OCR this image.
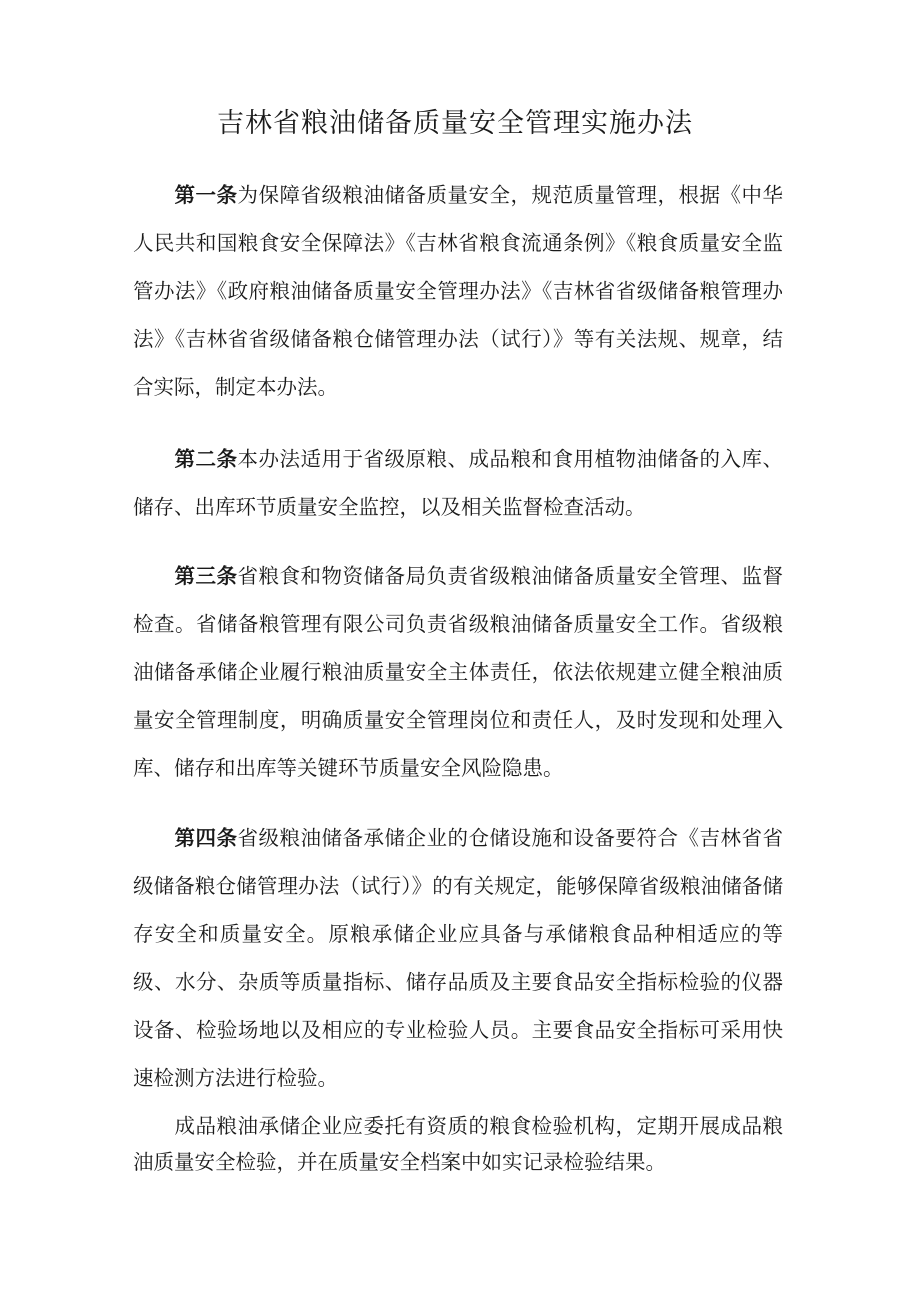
吉林省粮油储备质量安全管理实施办法

第一条为保障省级粮油储备质量安全，规范质量管理，根据《中华人民共和国粮食安全保障法》《吉林省粮食流通条例》《粮食质量安全监管办法》《政府粮油储备质量安全管理办法》《吉林省省级储备粮管理办法》《吉林省省级储备粮仓储管理办法（试行）》等有关法规、规章，结合实际，制定本办法。

第二条本办法适用于省级原粮、成品粮和食用植物油储备的入库、储存、出库环节质量安全监控，以及相关监督检查活动。

第三条省粮食和物资储备局负责省级粮油储备质量安全管理、监督检查。省储备粮管理有限公司负责省级粮油储备质量安全工作。省级粮油储备承储企业履行粮油质量安全主体责任，依法依规建立健全粮油质量安全管理制度，明确质量安全管理岗位和责任人，及时发现和处理入库、储存和出库等关键环节质量安全风险隐患。

第四条省级粮油储备承储企业的仓储设施和设备要符合《吉林省省级储备粮仓储管理办法（试行）》的有关规定，能够保障省级粮油储备储存安全和质量安全。原粮承储企业应具备与承储粮食品种相适应的等级、水分、杂质等质量指标、储存品质及主要食品安全指标检验的仪器设备、检验场地以及相应的专业检验人员。主要食品安全指标可采用快速检测方法进行检验。

成品粮油承储企业应委托有资质的粮食检验机构，定期开展成品粮油质量安全检验，并在质量安全档案中如实记录检验结果。
